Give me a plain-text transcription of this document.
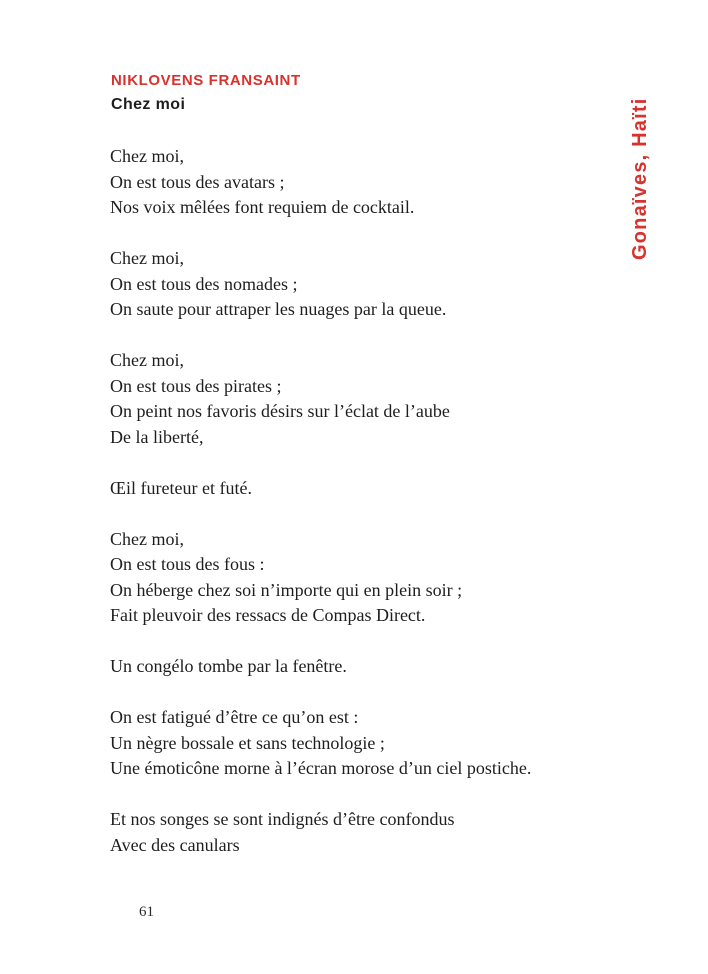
NIKLOVENS FRANSAINT
Chez moi	Gonaïves, Haïti
Chez moi,
On est tous des avatars ;
Nos voix mêlées font requiem de cocktail.
Chez moi,
On est tous des nomades ;
On saute pour attraper les nuages par la queue.
Chez moi,
On est tous des pirates ;
On peint nos favoris désirs sur l’éclat de l’aube
De la liberté,
Œil fureteur et futé.
Chez moi,
On est tous des fous :
On héberge chez soi n’importe qui en plein soir ;
Fait pleuvoir des ressacs de Compas Direct.
Un congélo tombe par la fenêtre.
On est fatigué d’être ce qu’on est :
Un nègre bossale et sans technologie ;
Une émoticône morne à l’écran morose d’un ciel postiche.
Et nos songes se sont indignés d’être confondus
Avec des canulars
61
